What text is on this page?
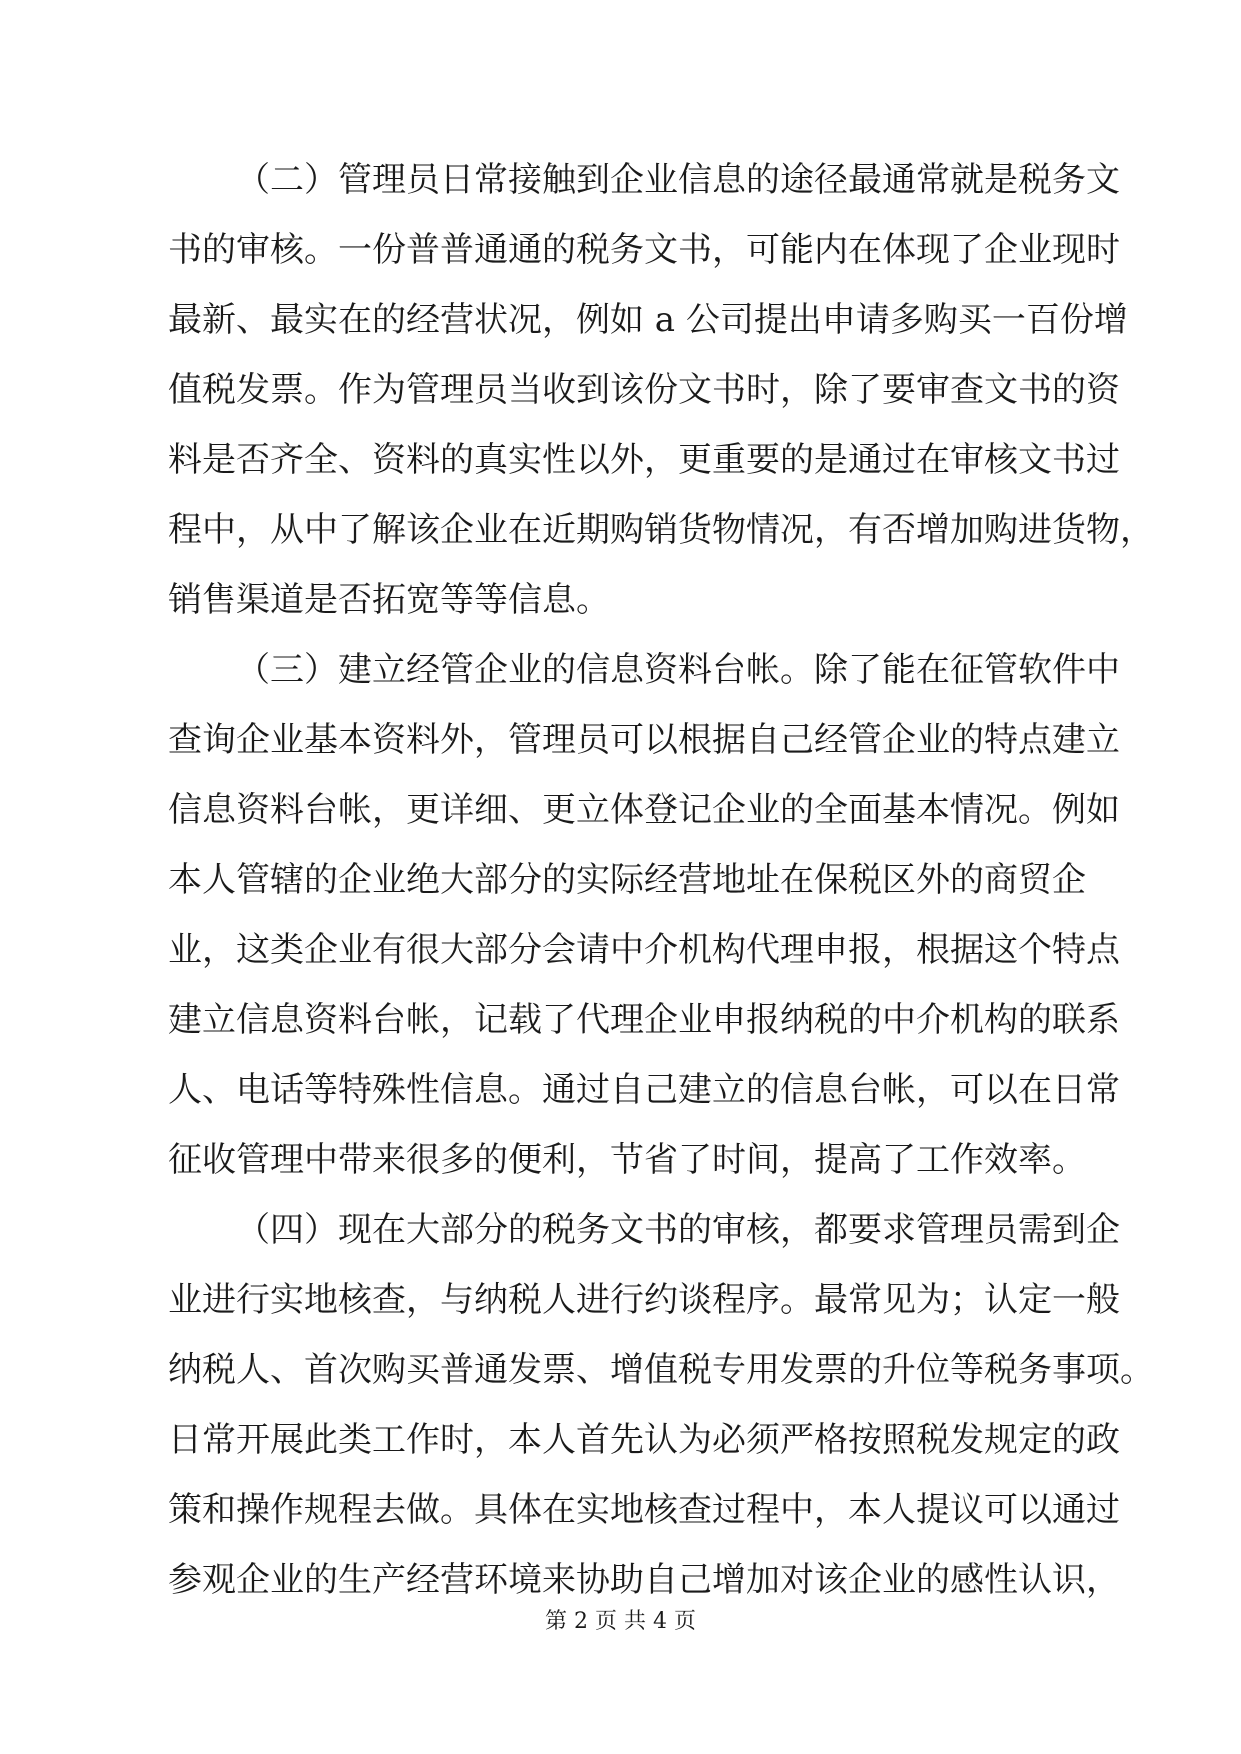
（二）管理员日常接触到企业信息的途径最通常就是税务文
书的审核。一份普普通通的税务文书，可能内在体现了企业现时
最新、最实在的经营状况，例如 a 公司提出申请多购买一百份增
值税发票。作为管理员当收到该份文书时，除了要审查文书的资
料是否齐全、资料的真实性以外，更重要的是通过在审核文书过
程中，从中了解该企业在近期购销货物情况，有否增加购进货物，
销售渠道是否拓宽等等信息。
（三）建立经管企业的信息资料台帐。除了能在征管软件中
查询企业基本资料外，管理员可以根据自己经管企业的特点建立
信息资料台帐，更详细、更立体登记企业的全面基本情况。例如
本人管辖的企业绝大部分的实际经营地址在保税区外的商贸企
业，这类企业有很大部分会请中介机构代理申报，根据这个特点
建立信息资料台帐，记载了代理企业申报纳税的中介机构的联系
人、电话等特殊性信息。通过自己建立的信息台帐，可以在日常
征收管理中带来很多的便利，节省了时间，提高了工作效率。
（四）现在大部分的税务文书的审核，都要求管理员需到企
业进行实地核查，与纳税人进行约谈程序。最常见为；认定一般
纳税人、首次购买普通发票、增值税专用发票的升位等税务事项。
日常开展此类工作时，本人首先认为必须严格按照税发规定的政
策和操作规程去做。具体在实地核查过程中，本人提议可以通过
参观企业的生产经营环境来协助自己增加对该企业的感性认识，
第 2 页 共 4 页
